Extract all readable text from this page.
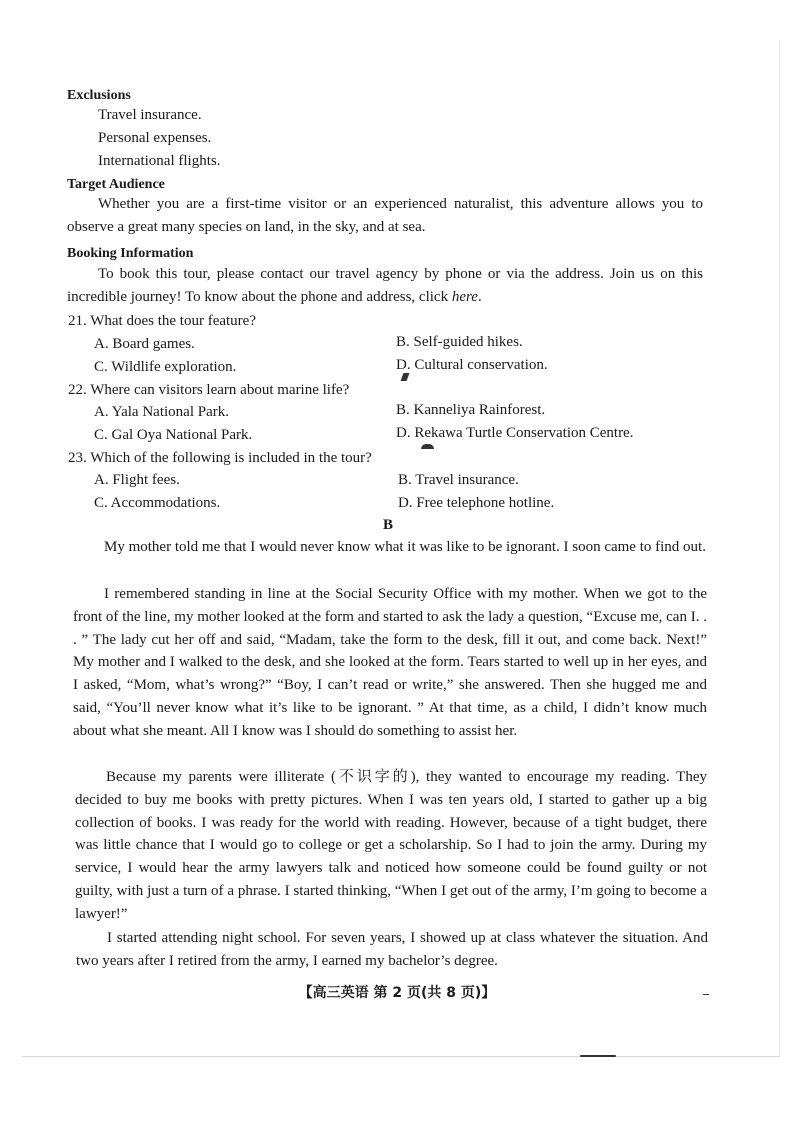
Exclusions
Travel insurance.
Personal expenses.
International flights.
Target Audience
Whether you are a first-time visitor or an experienced naturalist, this adventure allows you to observe a great many species on land, in the sky, and at sea.
Booking Information
To book this tour, please contact our travel agency by phone or via the address. Join us on this incredible journey! To know about the phone and address, click here.
21. What does the tour feature?
A. Board games.	B. Self-guided hikes.
C. Wildlife exploration.	D. Cultural conservation.
22. Where can visitors learn about marine life?
A. Yala National Park.	B. Kanneliya Rainforest.
C. Gal Oya National Park.	D. Rekawa Turtle Conservation Centre.
23. Which of the following is included in the tour?
A. Flight fees.	B. Travel insurance.
C. Accommodations.	D. Free telephone hotline.
B
My mother told me that I would never know what it was like to be ignorant. I soon came to find out.
I remembered standing in line at the Social Security Office with my mother. When we got to the front of the line, my mother looked at the form and started to ask the lady a question, “Excuse me, can I. . . ” The lady cut her off and said, “Madam, take the form to the desk, fill it out, and come back. Next!” My mother and I walked to the desk, and she looked at the form. Tears started to well up in her eyes, and I asked, “Mom, what’s wrong?” “Boy, I can’t read or write,” she answered. Then she hugged me and said, “You’ll never know what it’s like to be ignorant. ” At that time, as a child, I didn’t know much about what she meant. All I know was I should do something to assist her.
Because my parents were illiterate (不识字的), they wanted to encourage my reading. They decided to buy me books with pretty pictures. When I was ten years old, I started to gather up a big collection of books. I was ready for the world with reading. However, because of a tight budget, there was little chance that I would go to college or get a scholarship. So I had to join the army. During my service, I would hear the army lawyers talk and noticed how someone could be found guilty or not guilty, with just a turn of a phrase. I started thinking, “When I get out of the army, I’m going to become a lawyer!”
I started attending night school. For seven years, I showed up at class whatever the situation. And two years after I retired from the army, I earned my bachelor’s degree.
【高三英语 第 2 页(共 8 页)】
